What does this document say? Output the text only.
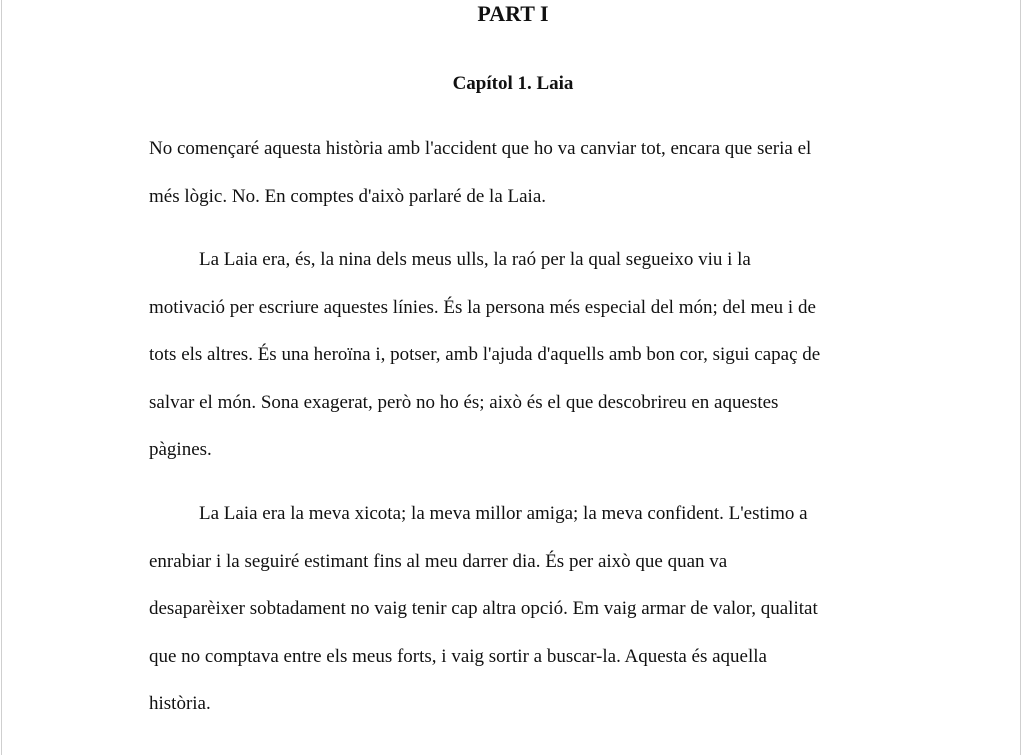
PART I
Capítol 1. Laia

No començaré aquesta història amb l'accident que ho va canviar tot, encara que seria el
més lògic. No. En comptes d'això parlaré de la Laia.

La Laia era, és, la nina dels meus ulls, la raó per la qual segueixo viu i la
motivació per escriure aquestes línies. És la persona més especial del món; del meu i de
tots els altres. És una heroïna i, potser, amb l'ajuda d'aquells amb bon cor, sigui capaç de
salvar el món. Sona exagerat, però no ho és; això és el que descobrireu en aquestes
pàgines.

La Laia era la meva xicota; la meva millor amiga; la meva confident. L'estimo a
enrabiar i la seguiré estimant fins al meu darrer dia. És per això que quan va
desaparèixer sobtadament no vaig tenir cap altra opció. Em vaig armar de valor, qualitat
que no comptava entre els meus forts, i vaig sortir a buscar-la. Aquesta és aquella
història.
